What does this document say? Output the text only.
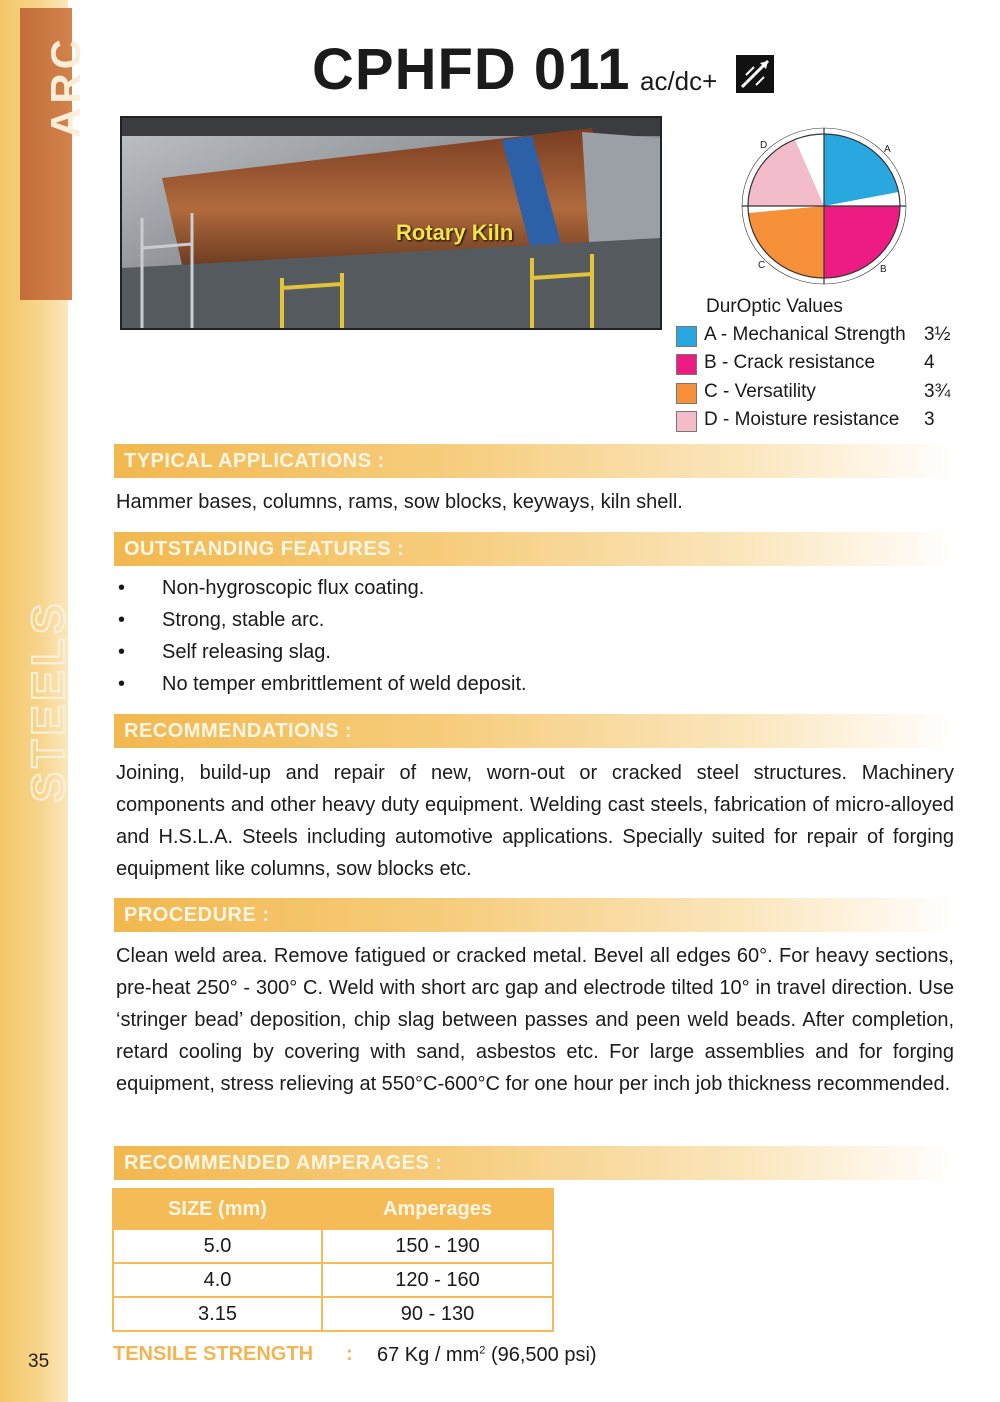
ARC
STEELS
35
CPHFD 011 ac/dc+
Rotary Kiln
A
B
C
D
DurOptic Values
A - Mechanical Strength 3½
B - Crack resistance	4
C - Versatility	3¾
D - Moisture resistance 3
TYPICAL APPLICATIONS :
Hammer bases, columns, rams, sow blocks, keyways, kiln shell.
OUTSTANDING FEATURES :
• Non-hygroscopic flux coating.
• Strong, stable arc.
• Self releasing slag.
• No temper embrittlement of weld deposit.
RECOMMENDATIONS :
Joining, build-up and repair of new, worn-out or cracked steel structures. Machinery components and other heavy duty equipment. Welding cast steels, fabrication of micro-alloyed and H.S.L.A. Steels including automotive applications. Specially suited for repair of forging equipment like columns, sow blocks etc.
PROCEDURE :
Clean weld area. Remove fatigued or cracked metal. Bevel all edges 60°. For heavy sections, pre-heat 250° - 300° C. Weld with short arc gap and electrode tilted 10° in travel direction. Use ‘stringer bead’ deposition, chip slag between passes and peen weld beads. After completion, retard cooling by covering with sand, asbestos etc. For large assemblies and for forging equipment, stress relieving at 550°C-600°C for one hour per inch job thickness recommended.
RECOMMENDED AMPERAGES :
SIZE (mm)	Amperages
5.0	150 - 190
4.0	120 - 160
3.15	90 - 130
TENSILE STRENGTH : 67 Kg / $mm^2$ (96,500 psi)
